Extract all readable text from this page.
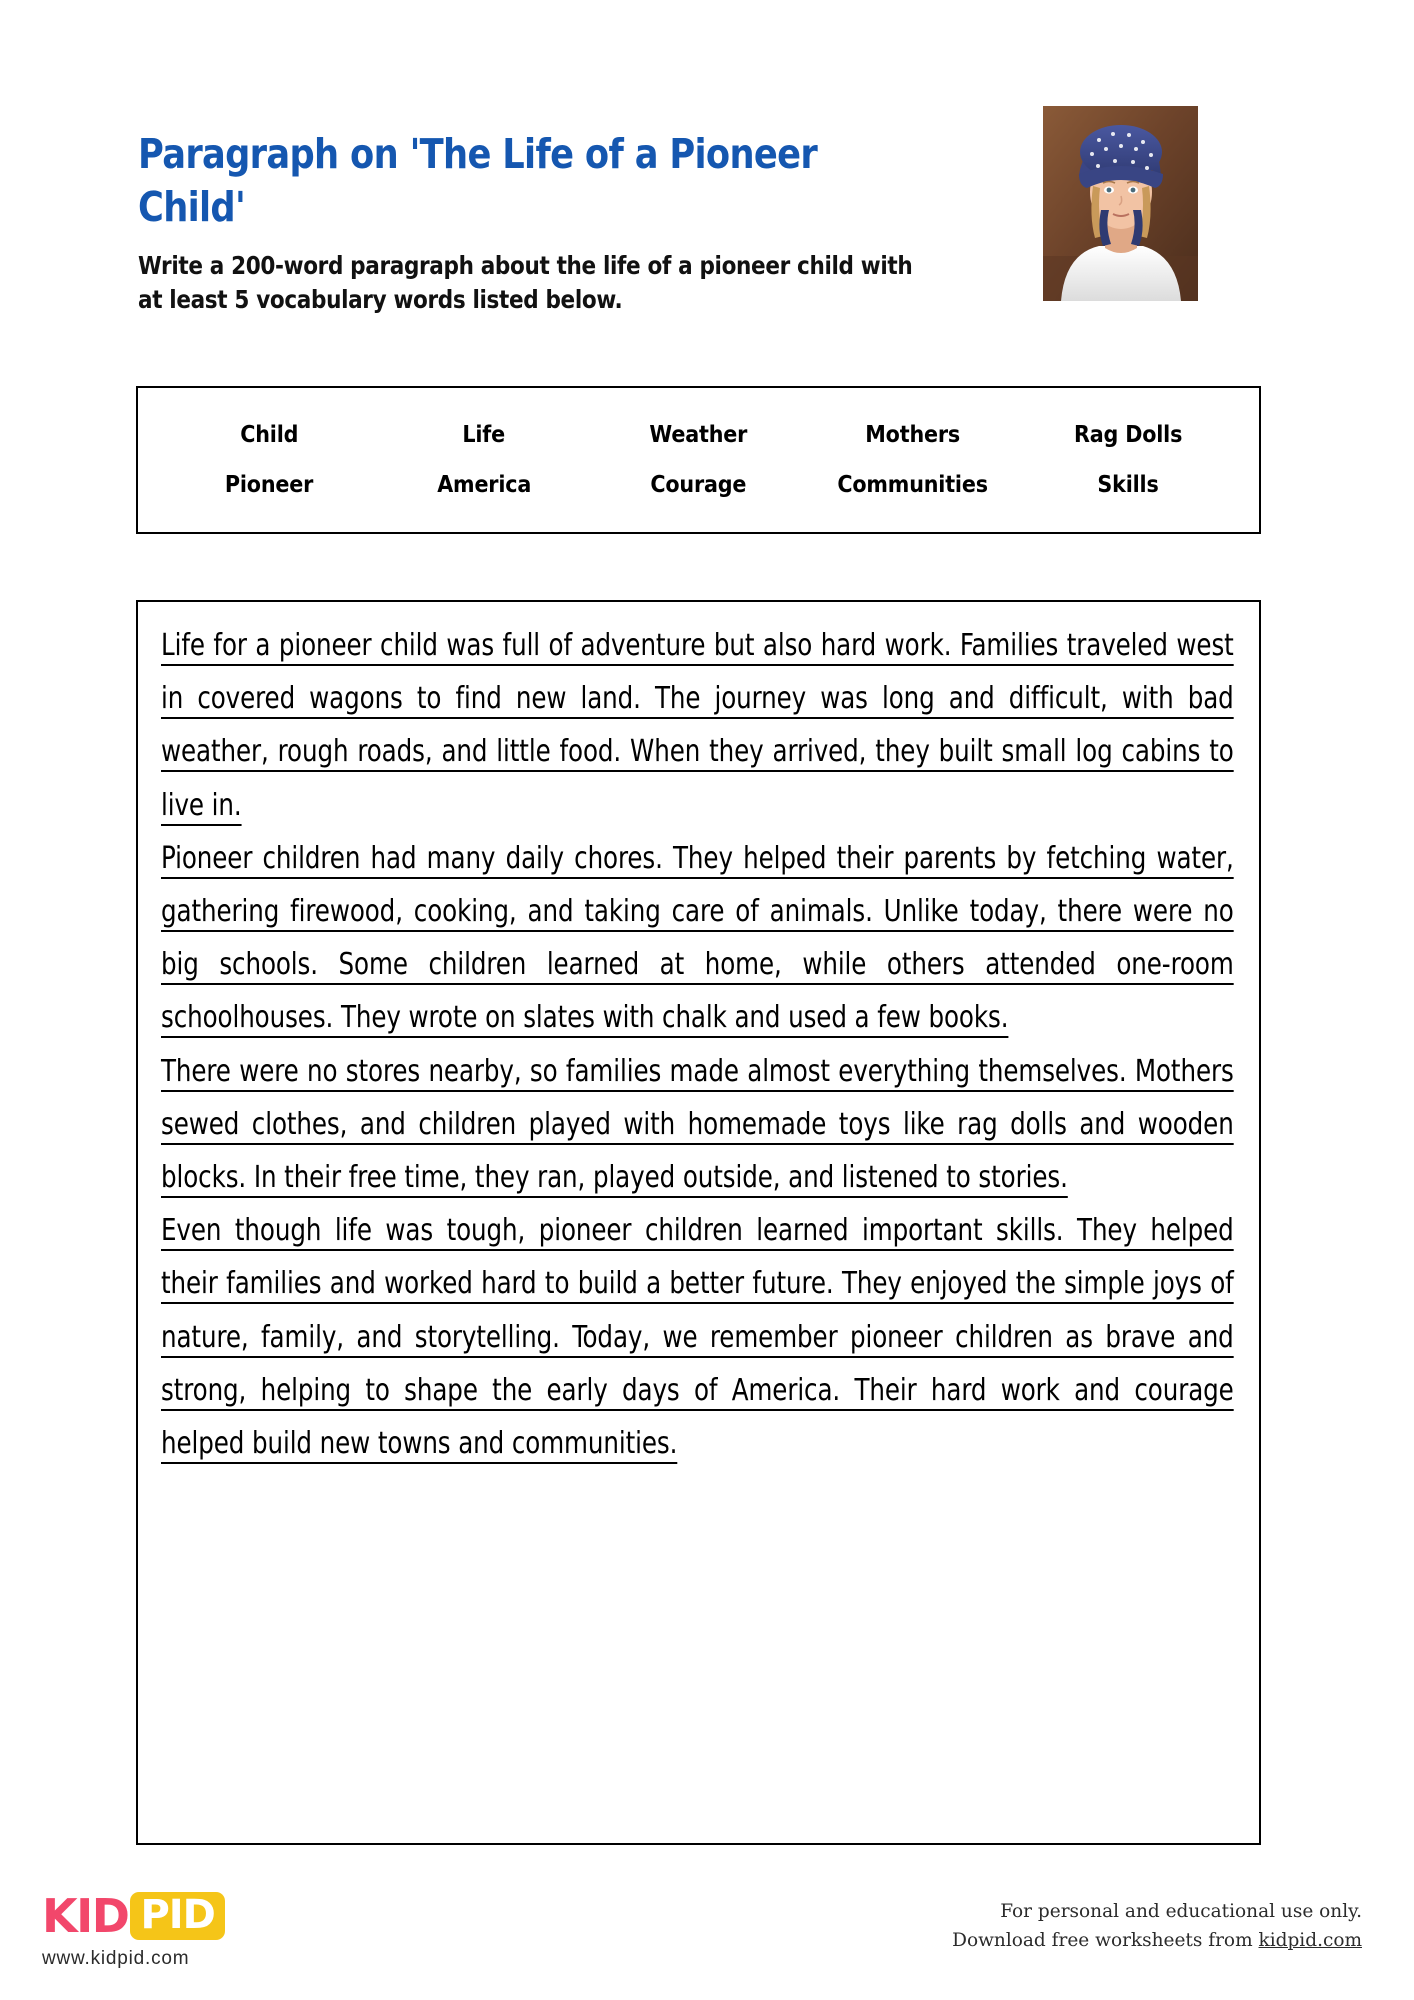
Paragraph on 'The Life of a Pioneer Child'
Write a 200-word paragraph about the life of a pioneer child with at least 5 vocabulary words listed below.
Child	Life	Weather	Mothers	Rag Dolls
Pioneer	America	Courage	Communities	Skills

Life for a pioneer child was full of adventure but also hard work. Families traveled west in covered wagons to find new land. The journey was long and difficult, with bad weather, rough roads, and little food. When they arrived, they built small log cabins to live in.

Pioneer children had many daily chores. They helped their parents by fetching water, gathering firewood, cooking, and taking care of animals. Unlike today, there were no big schools. Some children learned at home, while others attended one-room schoolhouses. They wrote on slates with chalk and used a few books.

There were no stores nearby, so families made almost everything themselves. Mothers sewed clothes, and children played with homemade toys like rag dolls and wooden blocks. In their free time, they ran, played outside, and listened to stories.

Even though life was tough, pioneer children learned important skills. They helped their families and worked hard to build a better future. They enjoyed the simple joys of nature, family, and storytelling. Today, we remember pioneer children as brave and strong, helping to shape the early days of America. Their hard work and courage helped build new towns and communities.

KID PID
www.kidpid.com
For personal and educational use only.
Download free worksheets from kidpid.com
